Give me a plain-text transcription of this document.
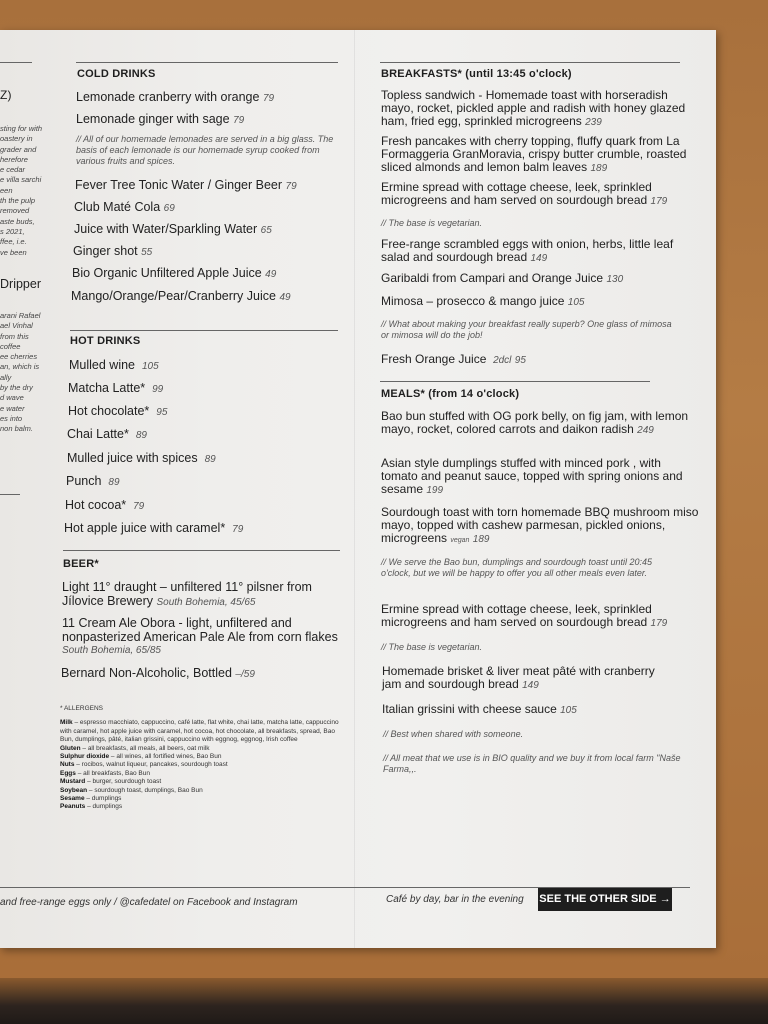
Z)
sting for with
oastery in
grader and
herefore
e cedar
e villa sarchi
een
th the pulp
removed
aste buds,
s 2021,
ffee, i.e.
ve been
Dripper
arani Rafael
ael Vinhal
from this
coffee
ee cherries
an, which is
ally
by the dry
d wave
e water
es into
non balm.
COLD DRINKS
Lemonade cranberry with orange 79
Lemonade ginger with sage 79
// All of our homemade lemonades are served in a big glass. The basis of each lemonade is our homemade syrup cooked from various fruits and spices.
Fever Tree Tonic Water / Ginger Beer 79
Club Maté Cola 69
Juice with Water/Sparkling Water 65
Ginger shot 55
Bio Organic Unfiltered Apple Juice 49
Mango/Orange/Pear/Cranberry Juice 49
HOT DRINKS
Mulled wine 105
Matcha Latte* 99
Hot chocolate* 95
Chai Latte* 89
Mulled juice with spices 89
Punch 89
Hot cocoa* 79
Hot apple juice with caramel* 79
BEER*
Light 11° draught – unfiltered 11° pilsner from
Jílovice Brewery South Bohemia, 45/65
11 Cream Ale Obora - light, unfiltered and
nonpasterized American Pale Ale from corn flakes
South Bohemia, 65/85
Bernard Non-Alcoholic, Bottled –/59
* ALLERGENS
Milk – espresso macchiato, cappuccino, café latte, flat white, chai latte, matcha latte, cappuccino with caramel, hot apple juice with caramel, hot cocoa, hot chocolate, all breakfasts, spread, Bao Bun, dumplings, pâté, italian grissini, cappuccino with eggnog, eggnog, Irish coffee
Gluten – all breakfasts, all meals, all beers, oat milk
Sulphur dioxide – all wines, all fortified wines, Bao Bun
Nuts – rocibos, walnut liqueur, pancakes, sourdough toast
Eggs – all breakfasts, Bao Bun
Mustard – burger, sourdough toast
Soybean – sourdough toast, dumplings, Bao Bun
Sesame – dumplings
Peanuts – dumplings
BREAKFASTS* (until 13:45 o'clock)
Topless sandwich - Homemade toast with horseradish mayo, rocket, pickled apple and radish with honey glazed ham, fried egg, sprinkled microgreens 239
Fresh pancakes with cherry topping, fluffy quark from La Formaggeria GranMoravia, crispy butter crumble, roasted sliced almonds and lemon balm leaves 189
Ermine spread with cottage cheese, leek, sprinkled microgreens and ham served on sourdough bread 179
// The base is vegetarian.
Free-range scrambled eggs with onion, herbs, little leaf salad and sourdough bread 149
Garibaldi from Campari and Orange Juice 130
Mimosa – prosecco & mango juice 105
// What about making your breakfast really superb? One glass of mimosa or mimosa will do the job!
Fresh Orange Juice 2dcl 95
MEALS* (from 14 o'clock)
Bao bun stuffed with OG pork belly, on fig jam, with lemon mayo, rocket, colored carrots and daikon radish 249
Asian style dumplings stuffed with minced pork , with tomato and peanut sauce, topped with spring onions and sesame 199
Sourdough toast with torn homemade BBQ mushroom miso mayo, topped with cashew parmesan, pickled onions, microgreens vegan 189
// We serve the Bao bun, dumplings and sourdough toast until 20:45 o'clock, but we will be happy to offer you all other meals even later.
Ermine spread with cottage cheese, leek, sprinkled microgreens and ham served on sourdough bread 179
// The base is vegetarian.
Homemade brisket & liver meat pâté with cranberry jam and sourdough bread 149
Italian grissini with cheese sauce 105
// Best when shared with someone.
// All meat that we use is in BIO quality and we buy it from local farm "Naše Farma,,.
and free-range eggs only / @cafedatel on Facebook and Instagram	Café by day, bar in the evening SEE THE OTHER SIDE →
